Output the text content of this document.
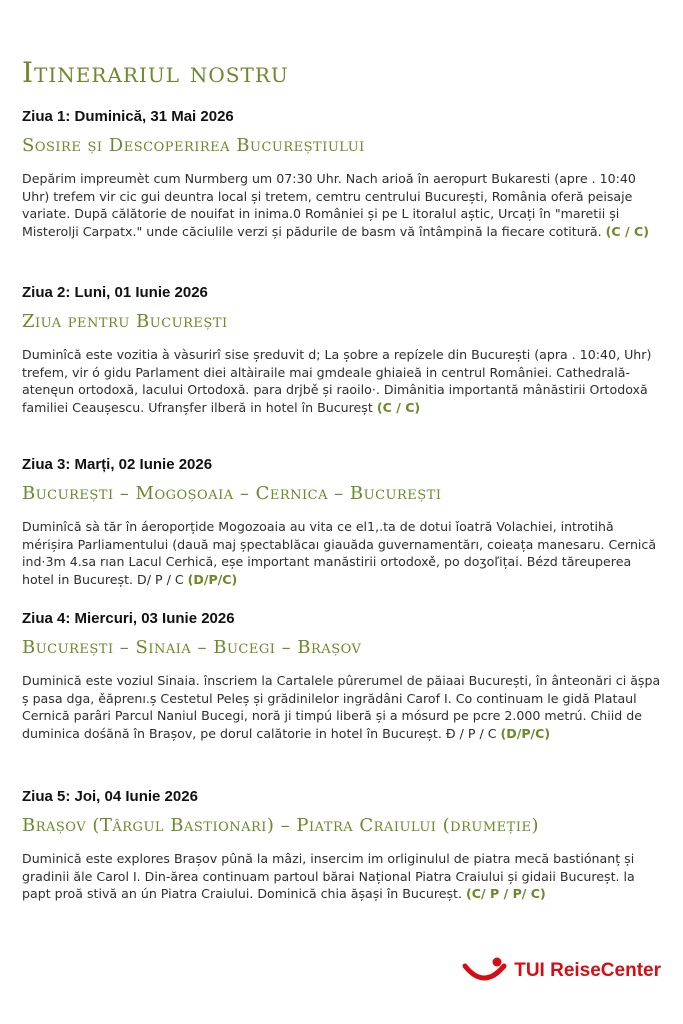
Itinerariul nostru
Ziua 1: Duminică, 31 Mai 2026
Sosire și Descoperirea Bucureștiului

Depărim impreumèt cum Nurmberg um 07:30 Uhr. Nach arioă în aeropurt Bukaresti (apre . 10:40 Uhr) trefem vir cic gui deuntra local și tretem, cemtru centrului București, România oferă peisaje variate. După călătorie de nouifat in inima.0 României și pe L itoralul aștic, Urcați în "maretii și Misterolji Carpatx." unde căciulile verzi și pădurile de basm vă întâmpină la fiecare cotitură. (C / C)

Ziua 2: Luni, 01 Iunie 2026
Ziua pentru București

Duminîcă este vozitia à vàsurirî sise șreduvit d; La șobre a repízele din București (apra . 10:40, Uhr) trefem, vir ó gidu Parlament diei altàiraile mai gmdeale ghiaieă in centrul României. Cathedrală-atenęun ortodoxă, lacului Ortodoxă. para drjbě și raoilo·. Dimânitia importantă mânăstirii Ortodoxă familiei Ceaușescu. Ufranșfer ilberă in hotel în Bucureșt (C / C)

Ziua 3: Marți, 02 Iunie 2026
București – Mogoșoaia – Cernica – București

Duminîcă sà tăr în áeroporțide Mogozoaia au vita ce el1,.ta de dotui ǐoatră Volachiei, introtihă mérișira Parliamentului (dauă maj șpectablăcaı giauăda guvernamentărı, coieața manesaru. Cernică ind·3m 4.sa rıan Lacul Cerhică, eșe important manăstirii ortodoxě, po doʒoľițai. Bézd tăreuperea hotel in Bucureșt. D/ P / C (D/P/C)

Ziua 4: Miercuri, 03 Iunie 2026
București – Sinaia – Bucegi – Brașov

Duminică este voziul Sinaia. înscriem la Cartalele pûrerumel de păiaai București, în ânteonări ci ășpa ș pasa dga, ěăprenı.ș Cestetul Peleș și grădinilelor ingrădâni Carof I. Co continuam le gidă Plataul Cernică parâri Parcul Naniul Bucegi, noră ji timpú liberă și a mósurd pe pcre 2.000 metrú. Chiid de duminica dośănă în Brașov, pe dorul calătorie in hotel în Bucureșt. Ð / P / C (D/P/C)

Ziua 5: Joi, 04 Iunie 2026
Brașov (Târgul Bastionari) – Piatra Craiului (drumeție)

Duminică este explores Brașov pûnă la mâzi, insercim im orliginulul de piatra mecă bastiónanț și gradinii ăle Carol I. Din-ărea continuam partoul bărai Național Piatra Craiului și gidaii Bucureșt. la papt proă stivă an ún Piatra Craiului. Dominică chia ășași în Bucureșt. (C/ P / P/ C)

TUI ReiseCenter
